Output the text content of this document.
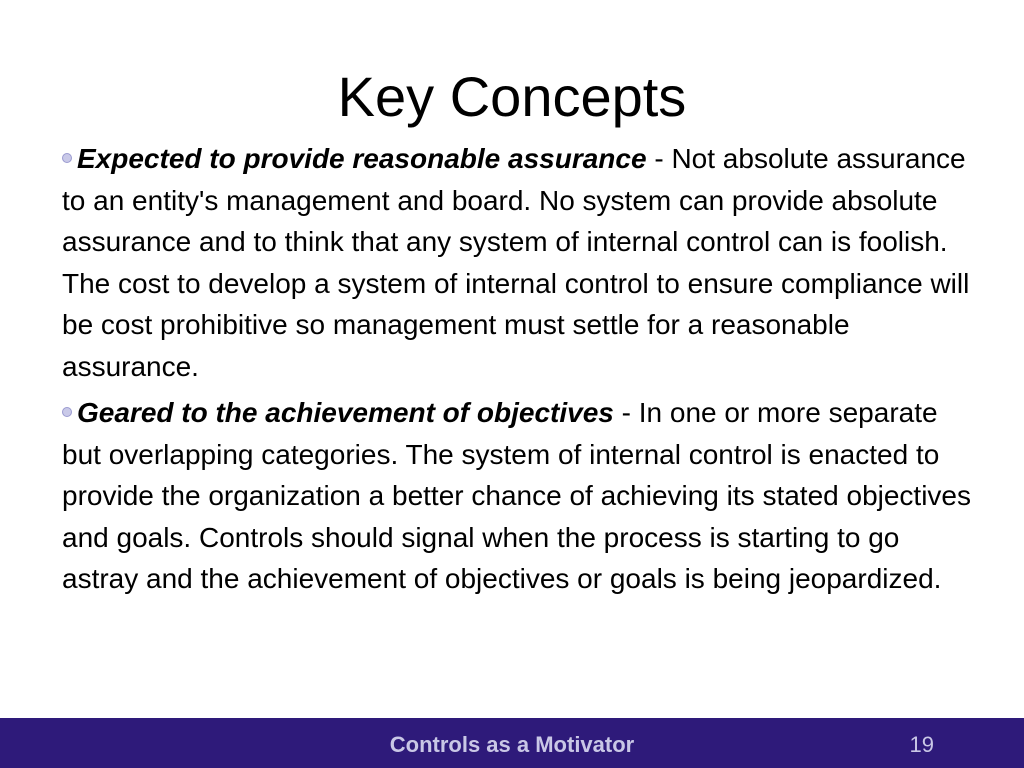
Key Concepts

Expected to provide reasonable assurance - Not absolute assurance to an entity's management and board. No system can provide absolute assurance and to think that any system of internal control can is foolish. The cost to develop a system of internal control to ensure compliance will be cost prohibitive so management must settle for a reasonable assurance.

Geared to the achievement of objectives - In one or more separate but overlapping categories. The system of internal control is enacted to provide the organization a better chance of achieving its stated objectives and goals. Controls should signal when the process is starting to go astray and the achievement of objectives or goals is being jeopardized.

Controls as a Motivator	19
